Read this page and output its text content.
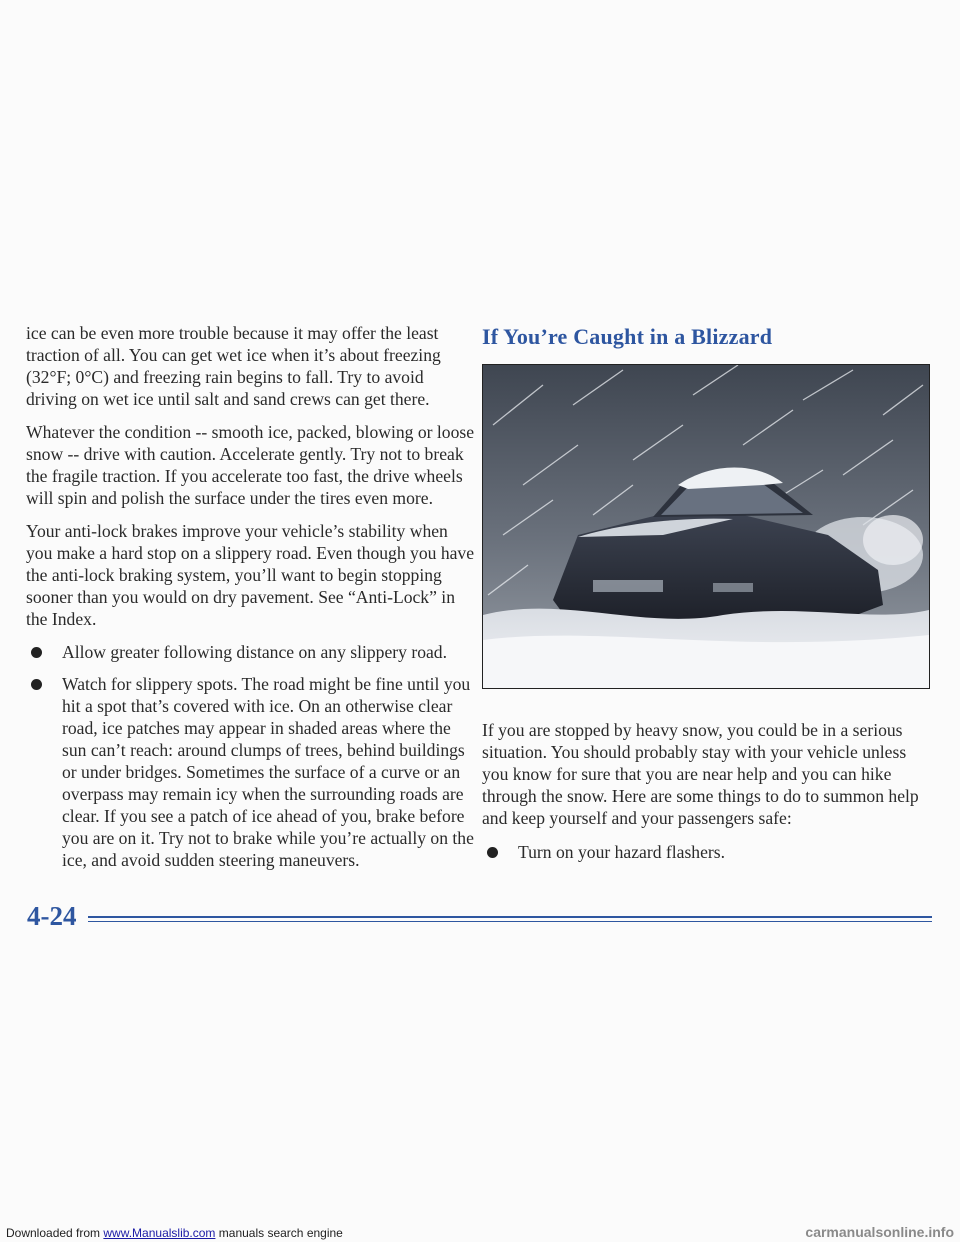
ice can be even more trouble because it may offer the least traction of all. You can get wet ice when it’s about freezing (32°F; 0°C) and freezing rain begins to fall. Try to avoid driving on wet ice until salt and sand crews can get there.

Whatever the condition -- smooth ice, packed, blowing or loose snow -- drive with caution. Accelerate gently. Try not to break the fragile traction. If you accelerate too fast, the drive wheels will spin and polish the surface under the tires even more.

Your anti-lock brakes improve your vehicle’s stability when you make a hard stop on a slippery road. Even though you have the anti-lock braking system, you’ll want to begin stopping sooner than you would on dry pavement. See “Anti-Lock” in the Index.

Allow greater following distance on any slippery road.
Watch for slippery spots. The road might be fine until you hit a spot that’s covered with ice. On an otherwise clear road, ice patches may appear in shaded areas where the sun can’t reach: around clumps of trees, behind buildings or under bridges. Sometimes the surface of a curve or an overpass may remain icy when the surrounding roads are clear. If you see a patch of ice ahead of you, brake before you are on it. Try not to brake while you’re actually on the ice, and avoid sudden steering maneuvers.
If You’re Caught in a Blizzard

If you are stopped by heavy snow, you could be in a serious situation. You should probably stay with your vehicle unless you know for sure that you are near help and you can hike through the snow. Here are some things to do to summon help and keep yourself and your passengers safe:

Turn on your hazard flashers.
4-24
Downloaded from www.Manualslib.com manuals search engine	carmanualsonline.info
